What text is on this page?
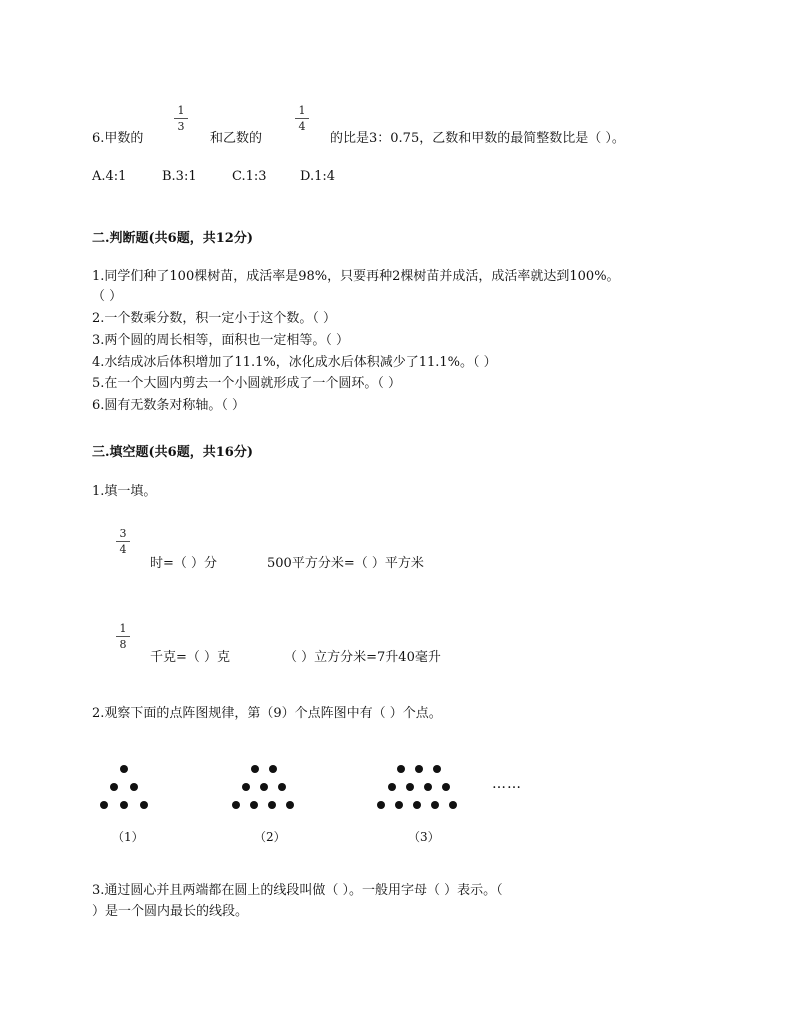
6.甲数的
1
3
和乙数的
1
4
的比是3：0.75，乙数和甲数的最简整数比是（ ）。
A.4:1	B.3:1	C.1:3	D.1:4
二.判断题(共6题，共12分)
1.同学们种了100棵树苗，成活率是98%，只要再种2棵树苗并成活，成活率就达到100%。
（ ）
2.一个数乘分数，积一定小于这个数。（ ）
3.两个圆的周长相等，面积也一定相等。（ ）
4.水结成冰后体积增加了11.1%，冰化成水后体积减少了11.1%。（ ）
5.在一个大圆内剪去一个小圆就形成了一个圆环。（ ）
6.圆有无数条对称轴。（ ）
三.填空题(共6题，共16分)
1.填一填。
3
4
时=（ ）分	500平方分米=（ ）平方米
1
8
千克=（ ）克	（ ）立方分米=7升40毫升
2.观察下面的点阵图规律，第（9）个点阵图中有（ ）个点。
……
（1）	（2）	（3）
3.通过圆心并且两端都在圆上的线段叫做（ ）。一般用字母（ ）表示。（
）是一个圆内最长的线段。
